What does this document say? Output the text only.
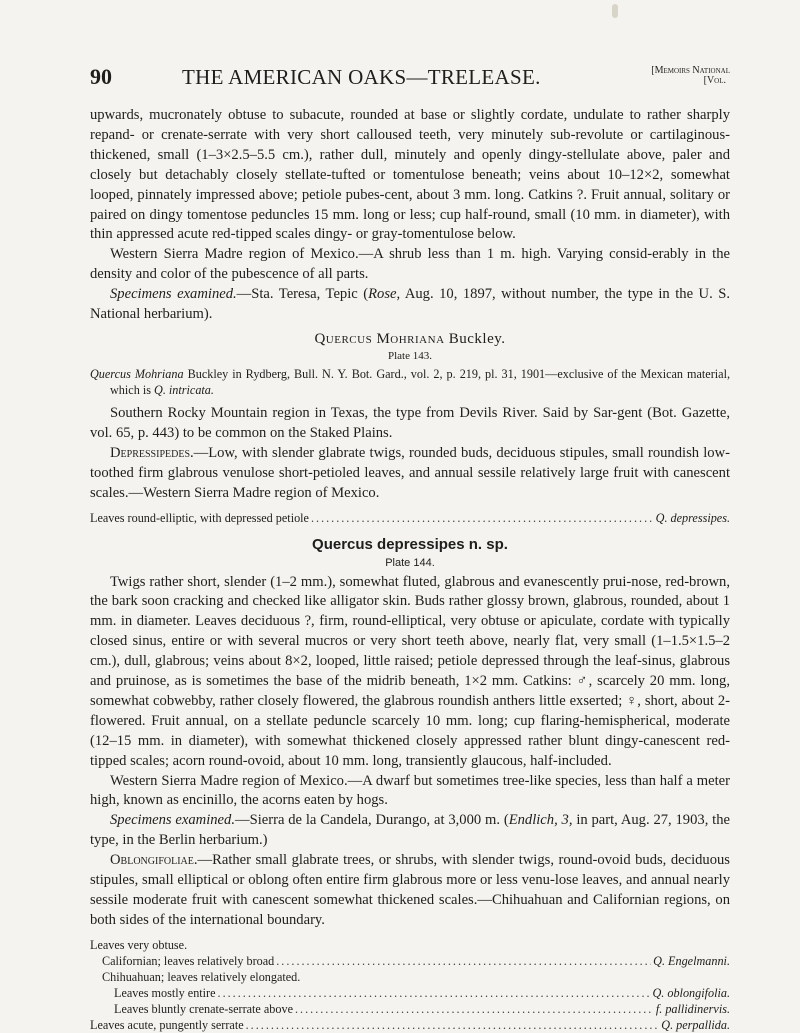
90	THE AMERICAN OAKS—TRELEASE.	[Memoirs National
[Vol.

upwards, mucronately obtuse to subacute, rounded at base or slightly cordate, undulate to rather sharply repand- or crenate-serrate with very short calloused teeth, very minutely sub-revolute or cartilaginous-thickened, small (1–3×2.5–5.5 cm.), rather dull, minutely and openly dingy-stellulate above, paler and closely but detachably closely stellate-tufted or tomentulose beneath; veins about 10–12×2, somewhat looped, pinnately impressed above; petiole pubes-cent, about 3 mm. long. Catkins ?. Fruit annual, solitary or paired on dingy tomentose peduncles 15 mm. long or less; cup half-round, small (10 mm. in diameter), with thin appressed acute red-tipped scales dingy- or gray-tomentulose below.

Western Sierra Madre region of Mexico.—A shrub less than 1 m. high. Varying consid-erably in the density and color of the pubescence of all parts.

Specimens examined.—Sta. Teresa, Tepic (Rose, Aug. 10, 1897, without number, the type in the U. S. National herbarium).

Quercus Mohriana Buckley.
Plate 143.
Quercus Mohriana Buckley in Rydberg, Bull. N. Y. Bot. Gard., vol. 2, p. 219, pl. 31, 1901—exclusive of the Mexican material, which is Q. intricata.

Southern Rocky Mountain region in Texas, the type from Devils River. Said by Sar-gent (Bot. Gazette, vol. 65, p. 443) to be common on the Staked Plains.

Depressipedes.—Low, with slender glabrate twigs, rounded buds, deciduous stipules, small roundish low-toothed firm glabrous venulose short-petioled leaves, and annual sessile relatively large fruit with canescent scales.—Western Sierra Madre region of Mexico.

Leaves round-elliptic, with depressed petiole .....	Q. depressipes.
Quercus depressipes n. sp.
Plate 144.

Twigs rather short, slender (1–2 mm.), somewhat fluted, glabrous and evanescently prui-nose, red-brown, the bark soon cracking and checked like alligator skin. Buds rather glossy brown, glabrous, rounded, about 1 mm. in diameter. Leaves deciduous ?, firm, round-elliptical, very obtuse or apiculate, cordate with typically closed sinus, entire or with several mucros or very short teeth above, nearly flat, very small (1–1.5×1.5–2 cm.), dull, glabrous; veins about 8×2, looped, little raised; petiole depressed through the leaf-sinus, glabrous and pruinose, as is sometimes the base of the midrib beneath, 1×2 mm. Catkins: ♂, scarcely 20 mm. long, somewhat cobwebby, rather closely flowered, the glabrous roundish anthers little exserted; ♀, short, about 2-flowered. Fruit annual, on a stellate peduncle scarcely 10 mm. long; cup flaring-hemispherical, moderate (12–15 mm. in diameter), with somewhat thickened closely appressed rather blunt dingy-canescent red-tipped scales; acorn round-ovoid, about 10 mm. long, transiently glaucous, half-included.

Western Sierra Madre region of Mexico.—A dwarf but sometimes tree-like species, less than half a meter high, known as encinillo, the acorns eaten by hogs.

Specimens examined.—Sierra de la Candela, Durango, at 3,000 m. (Endlich, 3, in part, Aug. 27, 1903, the type, in the Berlin herbarium.)

Oblongifoliae.—Rather small glabrate trees, or shrubs, with slender twigs, round-ovoid buds, deciduous stipules, small elliptical or oblong often entire firm glabrous more or less venu-lose leaves, and annual nearly sessile moderate fruit with canescent somewhat thickened scales.—Chihuahuan and Californian regions, on both sides of the international boundary.

Leaves very obtuse.
Californian; leaves relatively broad .....	Q. Engelmanni.
Chihuahuan; leaves relatively elongated.
Leaves mostly entire .....	Q. oblongifolia.
Leaves bluntly crenate-serrate above .....	f. pallidinervis.
Leaves acute, pungently serrate .....	Q. perpallida.
